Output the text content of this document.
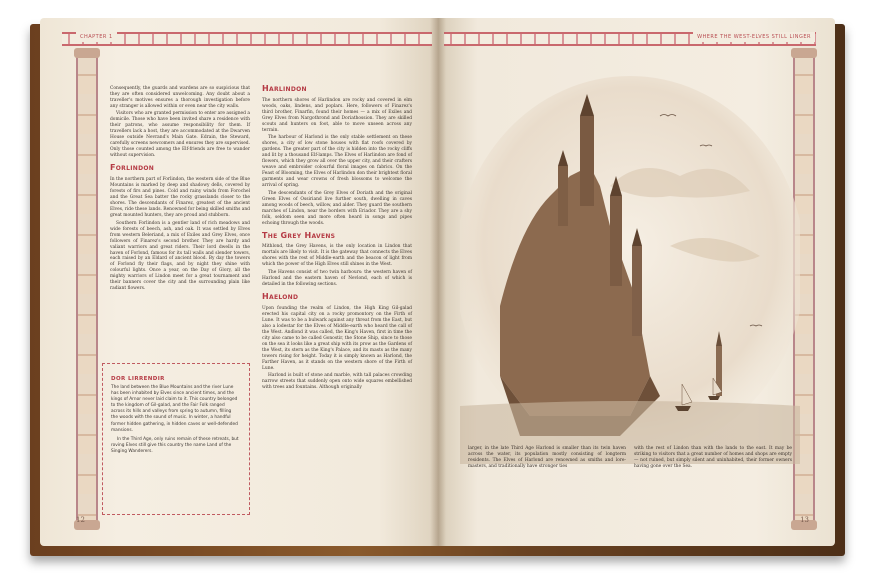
CHAPTER 1

Consequently, the guards and wardens are so suspicious that they are often considered unwelcoming. Any doubt about a traveller's motives ensures a thorough investigation before any stranger is allowed within or even near the city walls.

Visitors who are granted permission to enter are assigned a domicile. Those who have been invited share a residence with their patrons, who assume responsibility for them. If travellers lack a host, they are accommodated at the Dwarven House outside Nevrand's Main Gate. Edrain, the Steward, carefully screens newcomers and ensures they are supervised. Only those counted among the Elf-friends are free to wander without supervision.

Forlindon

In the northern part of Forlindon, the western side of the Blue Mountains is marked by deep and shadowy dells, covered by forests of firs and pines. Cold and rainy winds from Forochel and the Great Sea batter the rocky grasslands closer to the shores. The descendants of Finarez, greatest of the ancient Elves, ride these lands. Renowned for being skilled smiths and great mounted hunters, they are proud and stubborn.

Southern Forlindon is a gentler land of rich meadows and wide forests of beech, ash, and oak. It was settled by Elves from western Beleriand, a mix of Exiles and Grey Elves, once followers of Finarez's second brother. They are hardy and valiant warriors and great riders. Their lord dwells in the haven of Forlond, famous for its tall walls and slender towers, each raised by an Eldard of ancient blood. By day the towers of Forlond fly their flags, and by night they shine with colourful lights. Once a year, on the Day of Glory, all the mighty warriors of Lindon meet for a great tournament and their banners cover the city and the surrounding plain like radiant flowers.

DOR LIRRENDIR

The land between the Blue Mountains and the river Lune has been inhabited by Elves since ancient times, and the kings of Arnor never laid claim to it. This country belonged to the kingdom of Gil-galad, and the Fair Folk ranged across its hills and valleys from spring to autumn, filling the woods with the sound of music. In winter, a handful former hidden gathering, in hidden caves or well-defended mansions.

In the Third Age, only ruins remain of these retreats, but roving Elves still give this country the name Land of the Singing Wanderers.

Harlindon

The northern shores of Harlindon are rocky and covered in elm woods, oaks, lindens, and poplars. Here, followers of Finarez's third brother, Finarfin, found their homes — a mix of Exiles and Grey Elves from Nargothrond and Doriathossion. They are skilled scouts and hunters on foot, able to move unseen across any terrain.

The harbour of Harlond is the only stable settlement on these shores, a city of low stone houses with flat roofs covered by gardens. The greater part of the city is hidden into the rocky cliffs and lit by a thousand Elf-lamps. The Elves of Harlindon are fond of flowers, which they grow all over the upper city, and their crafters weave and embroider colourful floral images on fabrics. On the Feast of Blooming, the Elves of Harlindon don their brightest floral garments and wear crowns of fresh blossoms to welcome the arrival of spring.

The descendants of the Grey Elves of Doriath and the original Green Elves of Ossiriand live further south, dwelling in caves among woods of beech, willow, and alder. They guard the southern marches of Lindon, near the borders with Eriador. They are a shy folk, seldom seen and more often heard in songs and pipes echoing through the woods.

The Grey Havens

Mithlond, the Grey Havens, is the only location in Lindon that mortals are likely to visit. It is the gateway that connects the Elves shores with the rest of Middle-earth and the beacon of light from which the power of the High Elves still shines in the West.

The Havens consist of two twin harbours: the western haven of Harlond and the eastern haven of Nevlond, each of which is detailed in the following sections.

Haelond

Upon founding the realm of Lindon, the High King Gil-galad erected his capital city on a rocky promontory on the Firth of Lune. It was to be a bulwark against any threat from the East, but also a lodestar for the Elves of Middle-earth who heard the call of the West. Andlond it was called, the King's Haven, first in time the city also came to be called Gonostir, the Stone Ship, since to those on the sea it looks like a great ship with its prow as the Gardens of the West, its stern as the King's Palace, and its masts as the many towers rising for height. Today it is simply known as Harlond, the Farther Haven, as it stands on the western shore of the Firth of Lune.

Harlond is built of stone and marble, with tall palaces crowding narrow streets that suddenly open onto wide squares embellished with trees and fountains. Although originally

12
WHERE THE WEST-ELVES STILL LINGER

larger, in the late Third Age Harlond is smaller than its twin haven across the water, its population mostly consisting of longterm residents. The Elves of Harlond are renowned as smiths and lore-masters, and traditionally have stronger ties

with the rest of Lindon than with the lands to the east. It may be striking to visitors that a great number of homes and shops are empty — not ruined, but simply silent and uninhabited, their former owners having gone over the Sea.

13
